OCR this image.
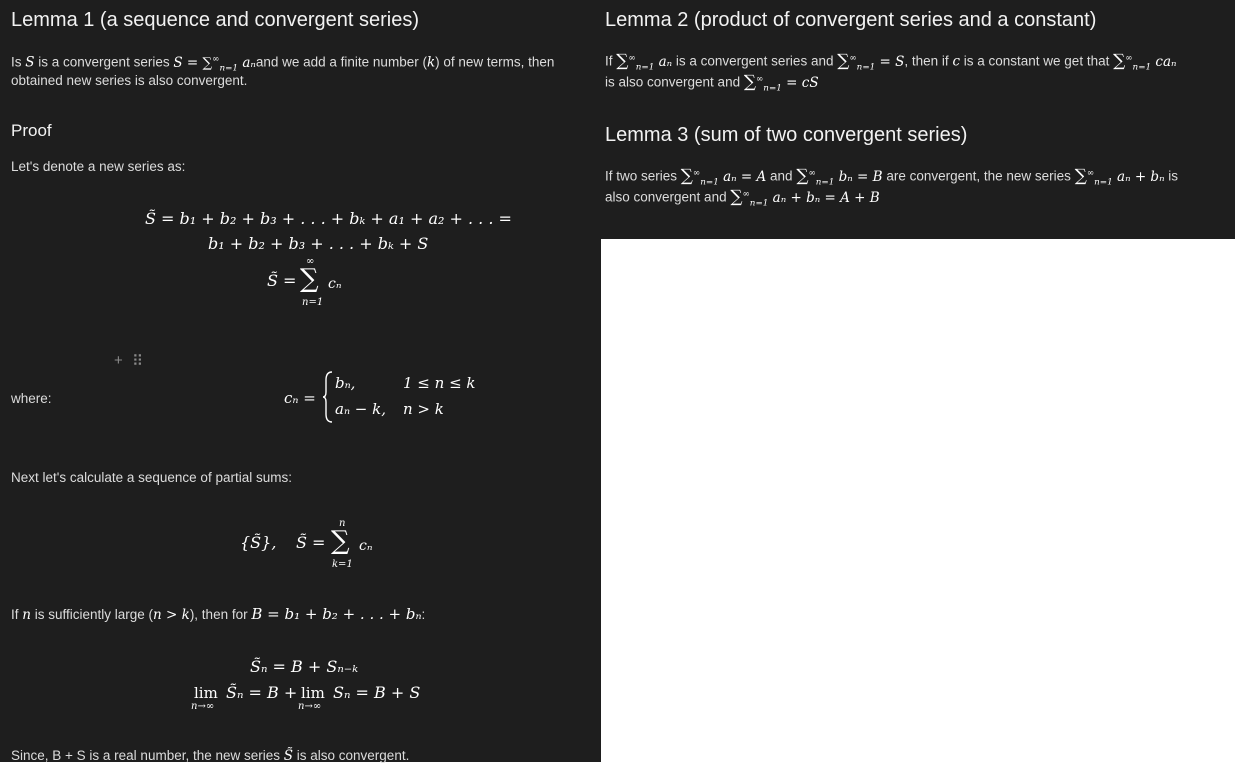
Lemma 1 (a sequence and convergent series)
Is S is a convergent series $S = \sum^\infty_{n=1}$ aₙand we add a finite number (k) of new terms, then
obtained new series is also convergent.
Proof
Let's denote a new series as:
S̃ = b₁ + b₂ + b₃ + . . . + bₖ + a₁ + a₂ + . . . =
b₁ + b₂ + b₃ + . . . + bₖ + S
S̃ =
∞
∑
n=1
cₙ
+ ⠿
where:	cₙ =
bₙ,	1 ≤ n ≤ k
aₙ − k, n > k
Next let's calculate a sequence of partial sums:
{S̃}, S̃ =
n
∑
k=1
cₙ
If n is sufficiently large (n > k), then for B = b₁ + b₂ + . . . + bₙ:
S̃ₙ = B + Sₙ₋ₖ
lim
n→∞
S̃ₙ = B + lim
n→∞
Sₙ = B + S
Since, B + S is a real number, the new series S̃ is also convergent.
Lemma 2 (product of convergent series and a constant)
If $\sum^\infty_{n=1}$ aₙ is a convergent series and $\sum^\infty_{n=1} = S$, then if c is a constant we get that $\sum^\infty_{n=1}$ caₙ
is also convergent and $\sum^\infty_{n=1}$ = cS
Lemma 3 (sum of two convergent series)
If two series $\sum^\infty_{n=1}$ aₙ = A and $\sum^\infty_{n=1}$ bₙ = B are convergent, the new series $\sum^\infty_{n=1}$ aₙ + bₙ is
also convergent and $\sum^\infty_{n=1}$ aₙ + bₙ = A + B
